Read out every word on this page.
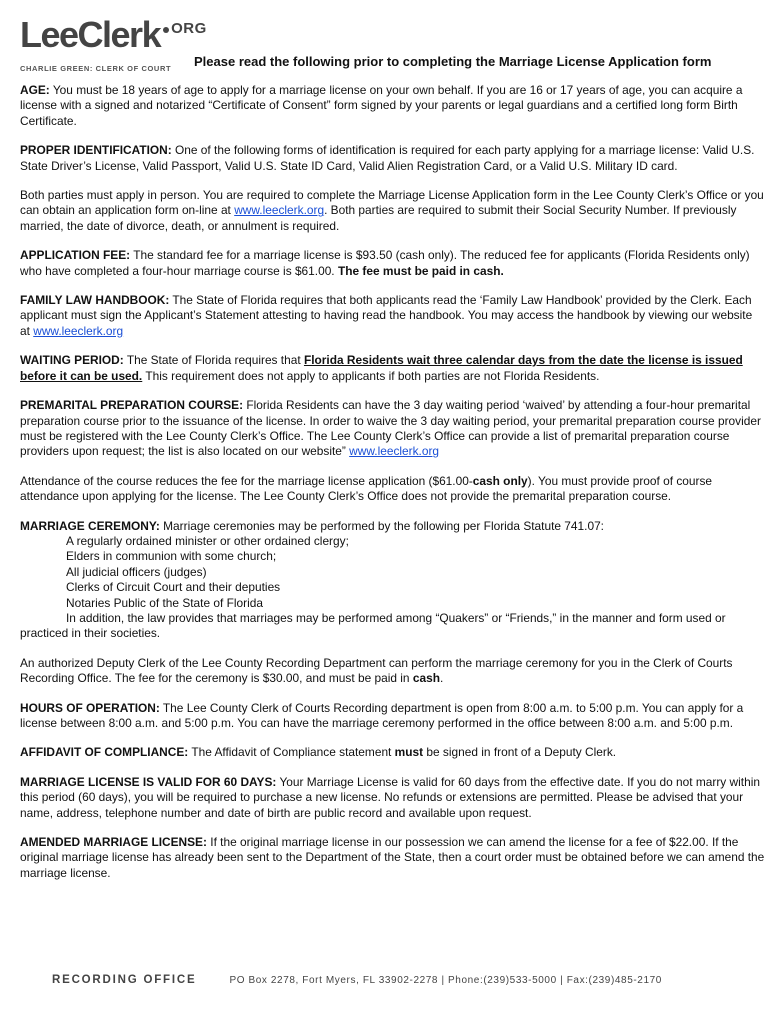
LeeClerk ORG
CHARLIE GREEN: CLERK OF COURT	Please read the following prior to completing the Marriage License Application form

AGE: You must be 18 years of age to apply for a marriage license on your own behalf. If you are 16 or 17 years of age, you can acquire a license with a signed and notarized “Certificate of Consent” form signed by your parents or legal guardians and a certified long form Birth Certificate.

PROPER IDENTIFICATION: One of the following forms of identification is required for each party applying for a marriage license: Valid U.S. State Driver’s License, Valid Passport, Valid U.S. State ID Card, Valid Alien Registration Card, or a Valid U.S. Military ID card.

Both parties must apply in person. You are required to complete the Marriage License Application form in the Lee County Clerk’s Office or you can obtain an application form on-line at www.leeclerk.org. Both parties are required to submit their Social Security Number. If previously married, the date of divorce, death, or annulment is required.

APPLICATION FEE: The standard fee for a marriage license is $93.50 (cash only). The reduced fee for applicants (Florida Residents only) who have completed a four-hour marriage course is $61.00. The fee must be paid in cash.

FAMILY LAW HANDBOOK: The State of Florida requires that both applicants read the ‘Family Law Handbook’ provided by the Clerk. Each applicant must sign the Applicant’s Statement attesting to having read the handbook. You may access the handbook by viewing our website at www.leeclerk.org

WAITING PERIOD: The State of Florida requires that Florida Residents wait three calendar days from the date the license is issued before it can be used. This requirement does not apply to applicants if both parties are not Florida Residents.

PREMARITAL PREPARATION COURSE: Florida Residents can have the 3 day waiting period ‘waived’ by attending a four-hour premarital preparation course prior to the issuance of the license. In order to waive the 3 day waiting period, your premarital preparation course provider must be registered with the Lee County Clerk’s Office. The Lee County Clerk’s Office can provide a list of premarital preparation course providers upon request; the list is also located on our website” www.leeclerk.org

Attendance of the course reduces the fee for the marriage license application ($61.00-cash only). You must provide proof of course attendance upon applying for the license. The Lee County Clerk’s Office does not provide the premarital preparation course.

MARRIAGE CEREMONY: Marriage ceremonies may be performed by the following per Florida Statute 741.07:
A regularly ordained minister or other ordained clergy;
Elders in communion with some church;
All judicial officers (judges)
Clerks of Circuit Court and their deputies
Notaries Public of the State of Florida
In addition, the law provides that marriages may be performed among “Quakers” or “Friends,” in the manner and form used or
practiced in their societies.

An authorized Deputy Clerk of the Lee County Recording Department can perform the marriage ceremony for you in the Clerk of Courts Recording Office. The fee for the ceremony is $30.00, and must be paid in cash.

HOURS OF OPERATION: The Lee County Clerk of Courts Recording department is open from 8:00 a.m. to 5:00 p.m. You can apply for a license between 8:00 a.m. and 5:00 p.m. You can have the marriage ceremony performed in the office between 8:00 a.m. and 5:00 p.m.

AFFIDAVIT OF COMPLIANCE: The Affidavit of Compliance statement must be signed in front of a Deputy Clerk.

MARRIAGE LICENSE IS VALID FOR 60 DAYS: Your Marriage License is valid for 60 days from the effective date. If you do not marry within this period (60 days), you will be required to purchase a new license. No refunds or extensions are permitted. Please be advised that your name, address, telephone number and date of birth are public record and available upon request.

AMENDED MARRIAGE LICENSE: If the original marriage license in our possession we can amend the license for a fee of $22.00. If the original marriage license has already been sent to the Department of the State, then a court order must be obtained before we can amend the marriage license.

RECORDING OFFICE	PO Box 2278, Fort Myers, FL 33902-2278 | Phone:(239)533-5000 | Fax:(239)485-2170
